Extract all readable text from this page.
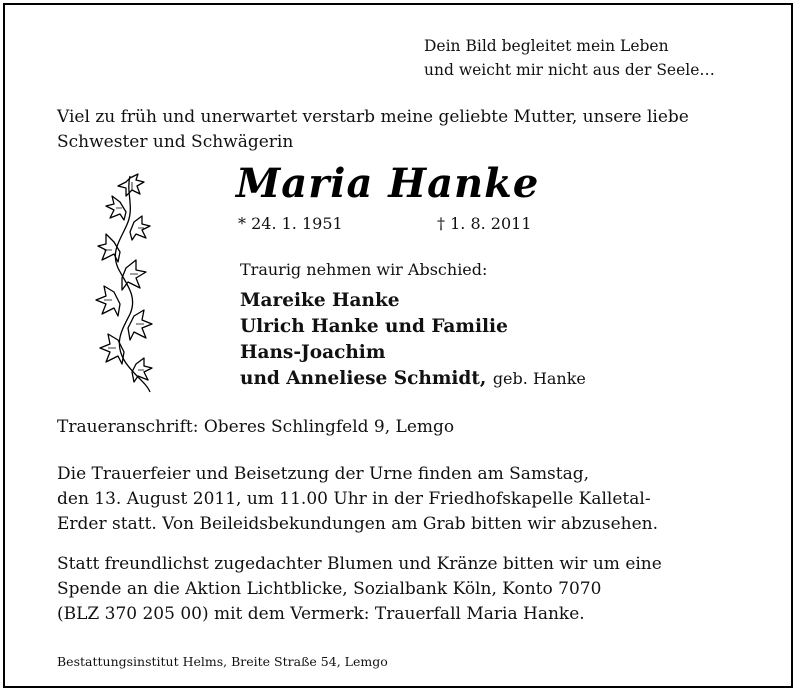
Dein Bild begleitet mein Leben
und weicht mir nicht aus der Seele…
Viel zu früh und unerwartet verstarb meine geliebte Mutter, unsere liebe
Schwester und Schwägerin
Maria Hanke
* 24. 1. 1951	† 1. 8. 2011
Traurig nehmen wir Abschied:
Mareike Hanke
Ulrich Hanke und Familie
Hans-Joachim
und Anneliese Schmidt, geb. Hanke
Traueranschrift: Oberes Schlingfeld 9, Lemgo
Die Trauerfeier und Beisetzung der Urne finden am Samstag,
den 13. August 2011, um 11.00 Uhr in der Friedhofskapelle Kalletal-
Erder statt. Von Beileidsbekundungen am Grab bitten wir abzusehen.
Statt freundlichst zugedachter Blumen und Kränze bitten wir um eine
Spende an die Aktion Lichtblicke, Sozialbank Köln, Konto 7070
(BLZ 370 205 00) mit dem Vermerk: Trauerfall Maria Hanke.
Bestattungsinstitut Helms, Breite Straße 54, Lemgo
